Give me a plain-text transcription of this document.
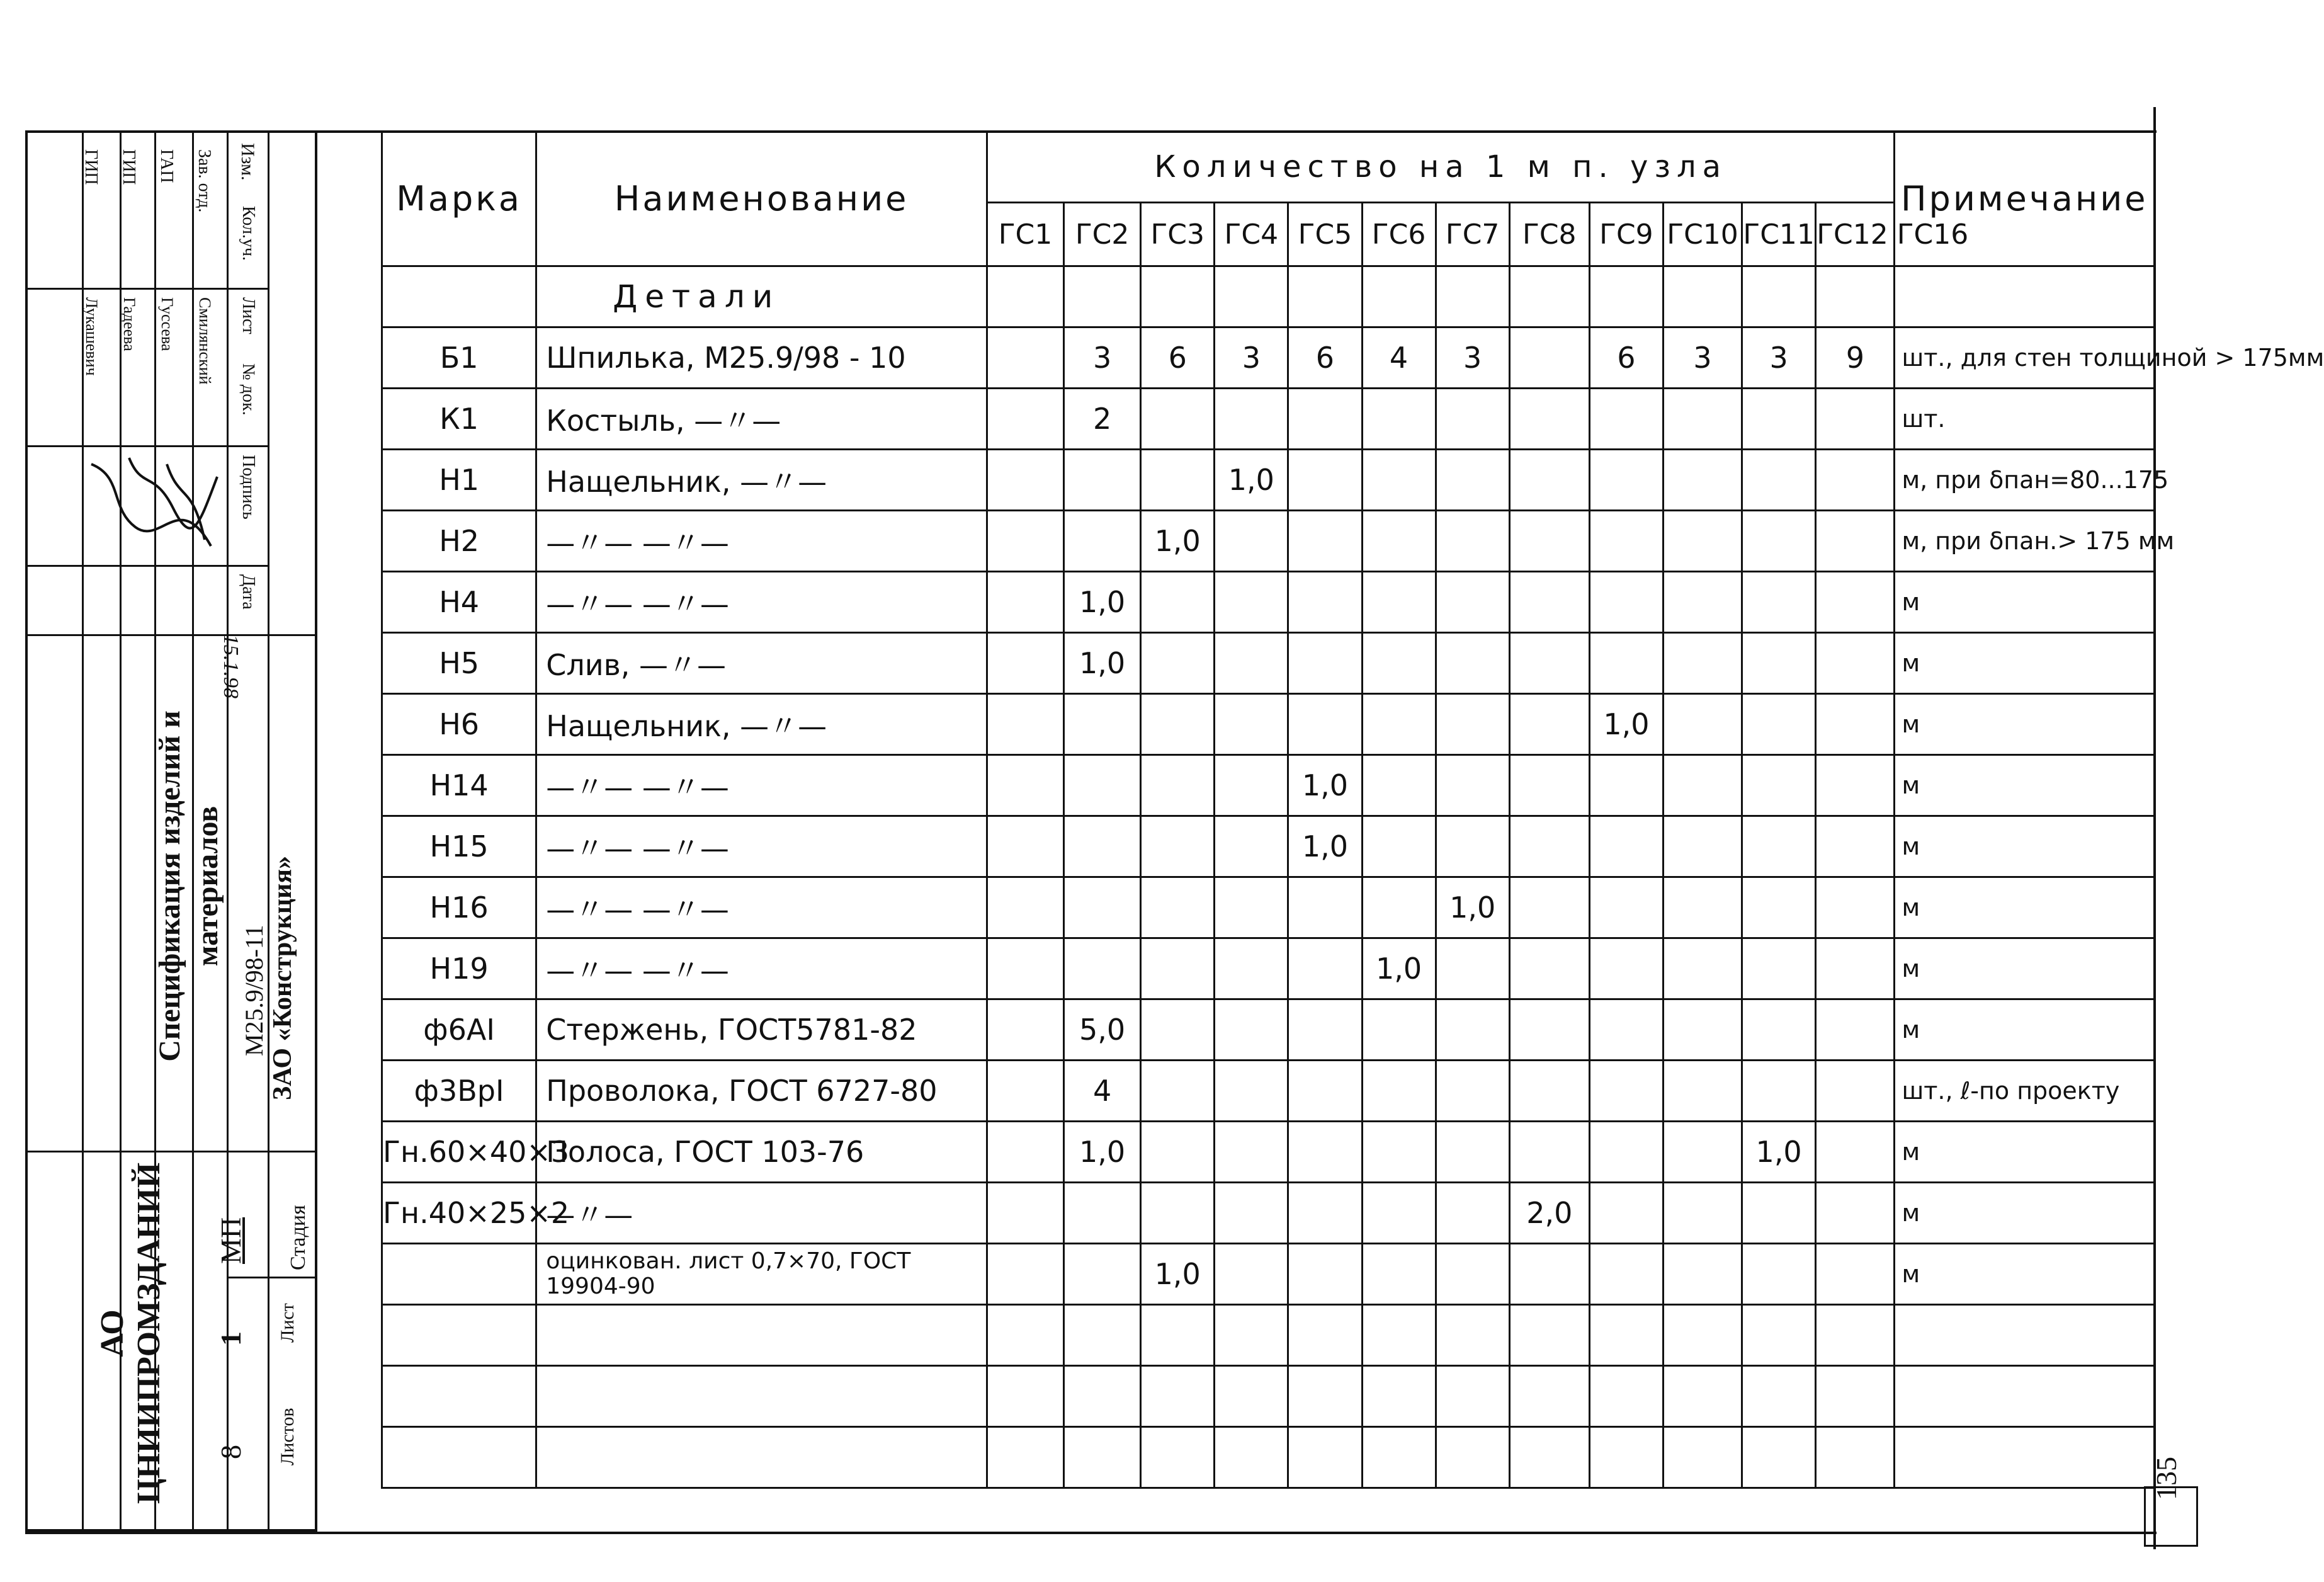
Изм.
Кол.уч.
Лист
№ док.
Подпись
Дата
Зав. отд.
ГАП
ГИП
ГИП
Смилянский
Гуссева
Гадеева
Лукашевич
15.1.98
ЗАО «Конструкция»
М25.9/98-11
Спецификация изделий и материалов
Стадия
Лист
Листов
МП
1
8
АО ЦНИИПРОМЗДАНИЙ
Марка	Наименование	Количество на 1 м п. узла												Примечание
		ГС1	ГС2	ГС3	ГС4	ГС5	ГС6	ГС7	ГС8	ГС9	ГС10	ГС11	ГС12 ГС16	
	Детали													
Б1	Шпилька, М25.9/98 - 10		3	6	3	6	4	3		6	3	3	9	шт., для стен толщиной > 175мм
К1	Костыль, —〃—		2											шт.
Н1	Нащельник, —〃—				1,0									м, при δпан=80...175
Н2	—〃— —〃—			1,0										м, при δпан.> 175 мм
Н4	—〃— —〃—		1,0											м
Н5	Слив, —〃—		1,0											м
Н6	Нащельник, —〃—									1,0				м
Н14	—〃— —〃—					1,0								м
Н15	—〃— —〃—					1,0								м
Н16	—〃— —〃—							1,0						м
Н19	—〃— —〃—						1,0							м
ф6АI	Стержень, ГОСТ5781-82		5,0											м
ф3ВрI	Проволока, ГОСТ 6727-80		4											шт., ℓ-по проекту
Гн.60×40×3	Полоса, ГОСТ 103-76		1,0									1,0		м
Гн.40×25×2	—〃—								2,0					м
	оцинкован. лист 0,7×70, ГОСТ 19904-90			1,0										м

135
